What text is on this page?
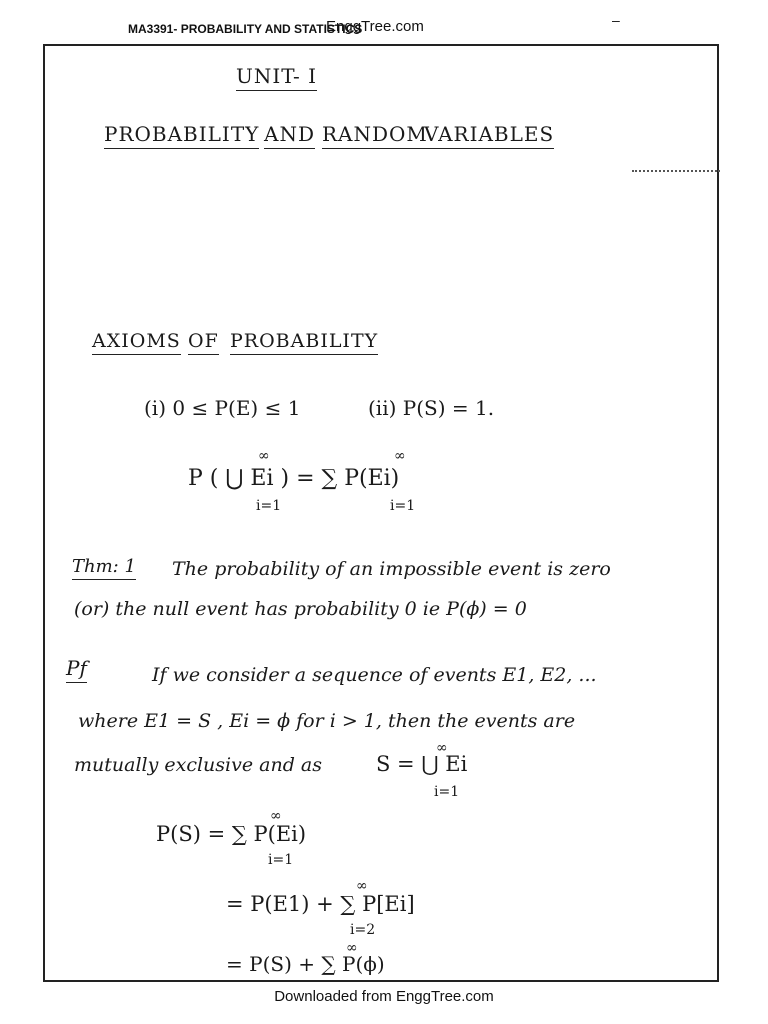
MA3391- PROBABILITY AND STATISTICS
EnggTree.com	–
UNIT- I
PROBABILITY AND RANDOM
VARIABLES
AXIOMS OF PROBABILITY
(i) 0 ≤ P(E) ≤ 1	(ii) P(S) = 1.
∞	∞
P ( ⋃ Ei ) = ∑ P(Ei)
i=1	i=1
Thm: 1 The probability of an impossible event is zero
(or) the null event has probability 0 ie P(ϕ) = 0
Pf	If we consider a sequence of events E1, E2, ...
where E1 = S , Ei = ϕ for i > 1, then the events are
mutually exclusive and as
∞
S = ⋃ Ei
i=1
∞
P(S) = ∑ P(Ei)
i=1
∞
= P(E1) + ∑ P[Ei]
i=2
∞
= P(S) + ∑ P(ϕ)
Downloaded from EnggTree.com
